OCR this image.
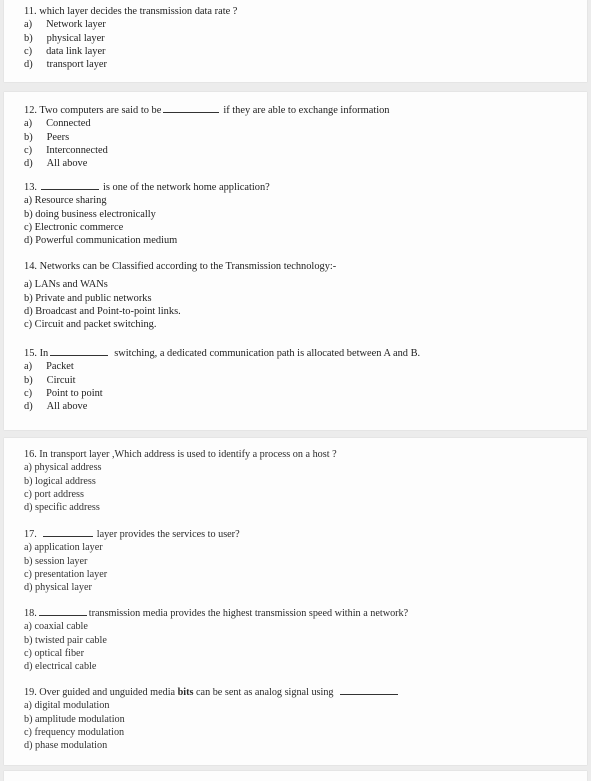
11. which layer decides the transmission data rate ?

a) Network layer

b) physical layer

c) data link layer

d) transport layer

12. Two computers are said to be	if they are able to exchange information

a) Connected

b) Peers

c) Interconnected

d) All above

13.	is one of the network home application?

a) Resource sharing

b) doing business electronically

c) Electronic commerce

d) Powerful communication medium

14. Networks can be Classified according to the Transmission technology:-

a) LANs and WANs

b) Private and public networks

d) Broadcast and Point-to-point links.

c) Circuit and packet switching.

15. In	switching, a dedicated communication path is allocated between A and B.

a) Packet

b) Circuit

c) Point to point

d) All above

16. In transport layer ,Which address is used to identify a process on a host ?

a) physical address

b) logical address

c) port address

d) specific address

17.	layer provides the services to user?

a) application layer

b) session layer

c) presentation layer

d) physical layer

18.	transmission media provides the highest transmission speed within a network?

a) coaxial cable

b) twisted pair cable

c) optical fiber

d) electrical cable

19. Over guided and unguided media bits can be sent as analog signal using

a) digital modulation

b) amplitude modulation

c) frequency modulation

d) phase modulation
